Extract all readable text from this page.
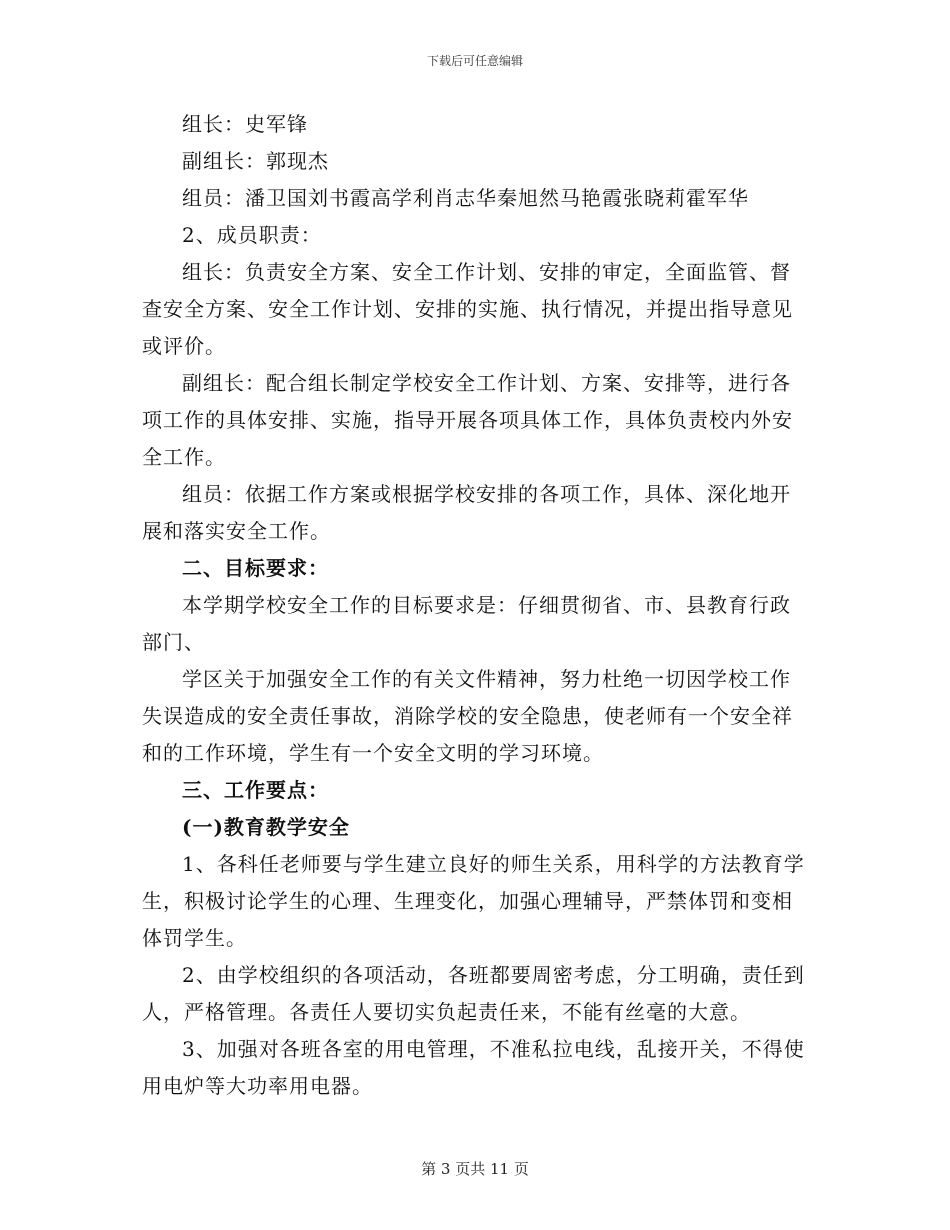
下载后可任意编辑

组长：史军锋

副组长：郭现杰

组员：潘卫国刘书霞高学利肖志华秦旭然马艳霞张晓莉霍军华

2、成员职责：

组长：负责安全方案、安全工作计划、安排的审定，全面监管、督查安全方案、安全工作计划、安排的实施、执行情况，并提出指导意见或评价。

副组长：配合组长制定学校安全工作计划、方案、安排等，进行各项工作的具体安排、实施，指导开展各项具体工作，具体负责校内外安全工作。

组员：依据工作方案或根据学校安排的各项工作，具体、深化地开展和落实安全工作。

二、目标要求：

本学期学校安全工作的目标要求是：仔细贯彻省、市、县教育行政部门、

学区关于加强安全工作的有关文件精神，努力杜绝一切因学校工作失误造成的安全责任事故，消除学校的安全隐患，使老师有一个安全祥和的工作环境，学生有一个安全文明的学习环境。

三、工作要点：

(一)教育教学安全

1、各科任老师要与学生建立良好的师生关系，用科学的方法教育学生，积极讨论学生的心理、生理变化，加强心理辅导，严禁体罚和变相体罚学生。

2、由学校组织的各项活动，各班都要周密考虑，分工明确，责任到人，严格管理。各责任人要切实负起责任来，不能有丝毫的大意。

3、加强对各班各室的用电管理，不准私拉电线，乱接开关，不得使用电炉等大功率用电器。

第 3 页共 11 页
